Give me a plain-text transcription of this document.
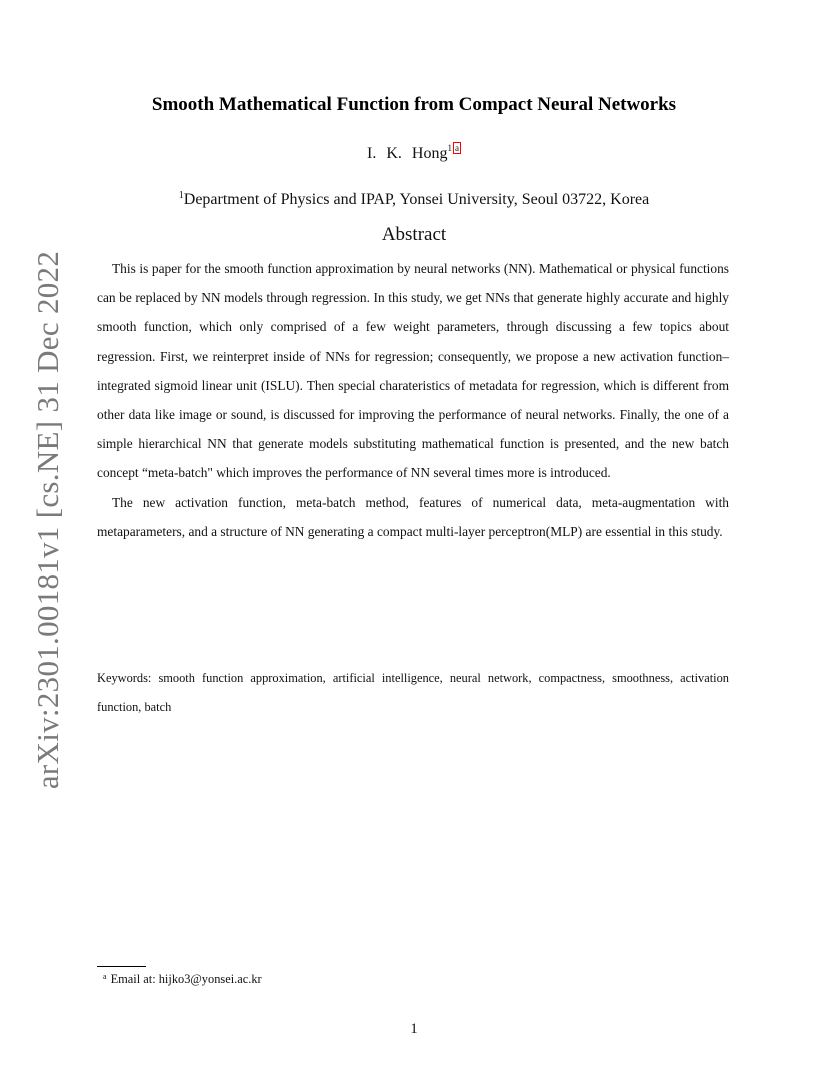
arXiv:2301.00181v1 [cs.NE] 31 Dec 2022
Smooth Mathematical Function from Compact Neural Networks
I. K. Hong$^1$ a
$^1$Department of Physics and IPAP, Yonsei University, Seoul 03722, Korea
Abstract

This is paper for the smooth function approximation by neural networks (NN). Mathematical or physical functions can be replaced by NN models through regression. In this study, we get NNs that generate highly accurate and highly smooth function, which only comprised of a few weight parameters, through discussing a few topics about regression. First, we reinterpret inside of NNs for regression; consequently, we propose a new activation function–integrated sigmoid linear unit (ISLU). Then special charateristics of metadata for regression, which is different from other data like image or sound, is discussed for improving the performance of neural networks. Finally, the one of a simple hierarchical NN that generate models substituting mathematical function is presented, and the new batch concept “meta-batch" which improves the performance of NN several times more is introduced.

The new activation function, meta-batch method, features of numerical data, meta-augmentation with metaparameters, and a structure of NN generating a compact multi-layer perceptron(MLP) are essential in this study.

Keywords: smooth function approximation, artificial intelligence, neural network, compactness, smoothness, activation function, batch
$^a$ Email at: hijko3@yonsei.ac.kr
1
